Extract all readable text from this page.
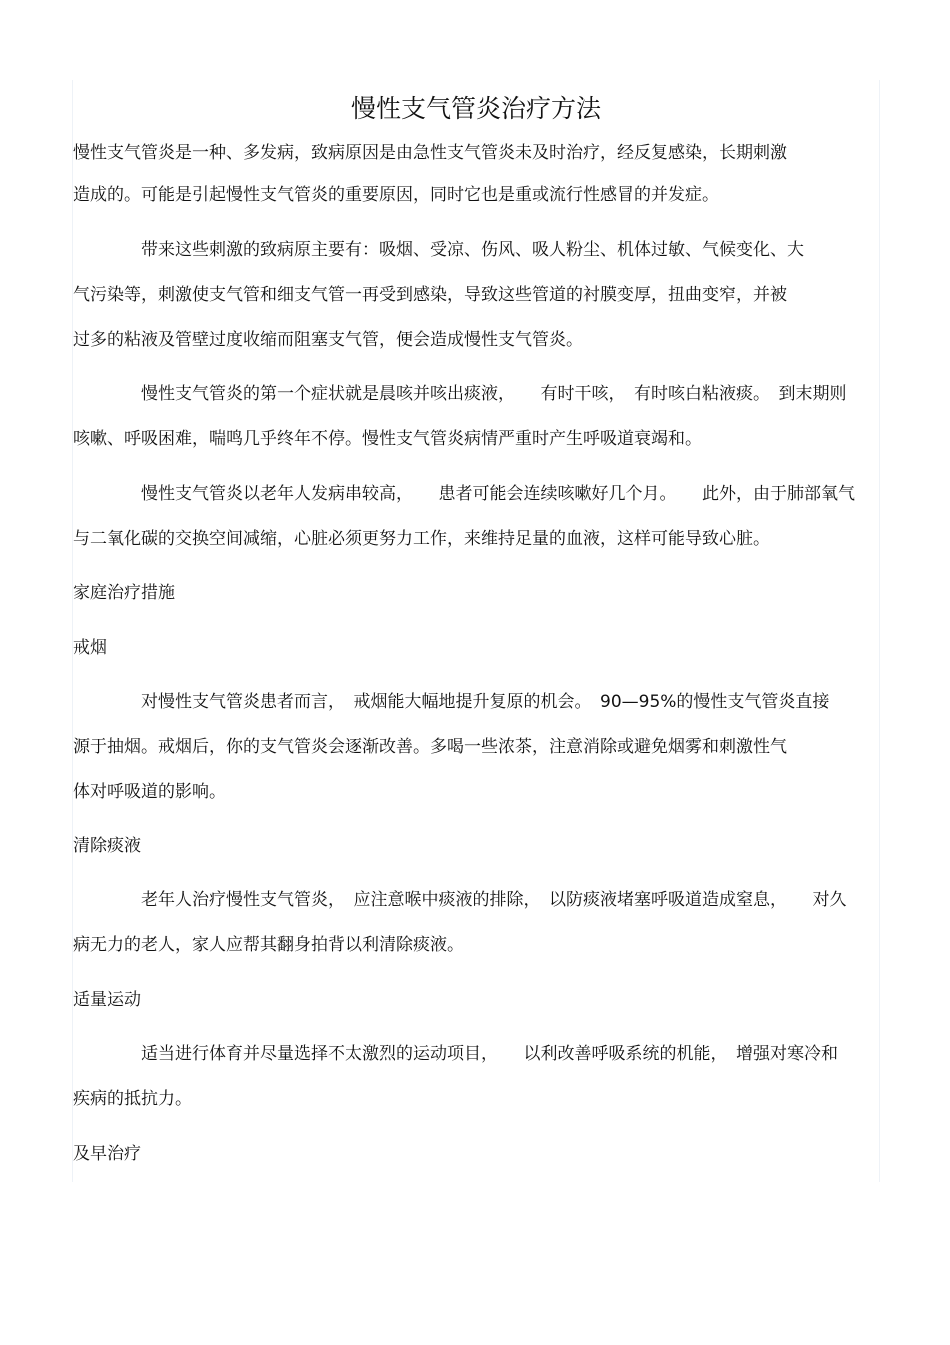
慢性支气管炎治疗方法

慢性支气管炎是一种、多发病，致病原因是由急性支气管炎未及时治疗，经反复感染，长期刺激

造成的。可能是引起慢性支气管炎的重要原因，同时它也是重或流行性感冒的并发症。

带来这些刺激的致病原主要有：吸烟、受凉、伤风、吸人粉尘、机体过敏、气候变化、大

气污染等，刺激使支气管和细支气管一再受到感染，导致这些管道的衬膜变厚，扭曲变窄，并被

过多的粘液及管壁过度收缩而阻塞支气管，便会造成慢性支气管炎。

慢性支气管炎的第一个症状就是晨咳并咳出痰液，　　有时干咳，　有时咳白粘液痰。　到末期则

咳嗽、呼吸困难，喘鸣几乎终年不停。慢性支气管炎病情严重时产生呼吸道衰竭和。

慢性支气管炎以老年人发病串较高，　　患者可能会连续咳嗽好几个月。　　此外，由于肺部氧气

与二氧化碳的交换空间减缩，心脏必须更努力工作，来维持足量的血液，这样可能导致心脏。

家庭治疗措施

戒烟

对慢性支气管炎患者而言，　戒烟能大幅地提升复原的机会。　90—95%的慢性支气管炎直接

源于抽烟。戒烟后，你的支气管炎会逐渐改善。多喝一些浓茶，注意消除或避免烟雾和刺激性气

体对呼吸道的影响。

清除痰液

老年人治疗慢性支气管炎，　应注意喉中痰液的排除，　以防痰液堵塞呼吸道造成窒息，　　对久

病无力的老人，家人应帮其翻身拍背以利清除痰液。

适量运动

适当进行体育并尽量选择不太激烈的运动项目，　　以利改善呼吸系统的机能，　增强对寒冷和

疾病的抵抗力。

及早治疗
